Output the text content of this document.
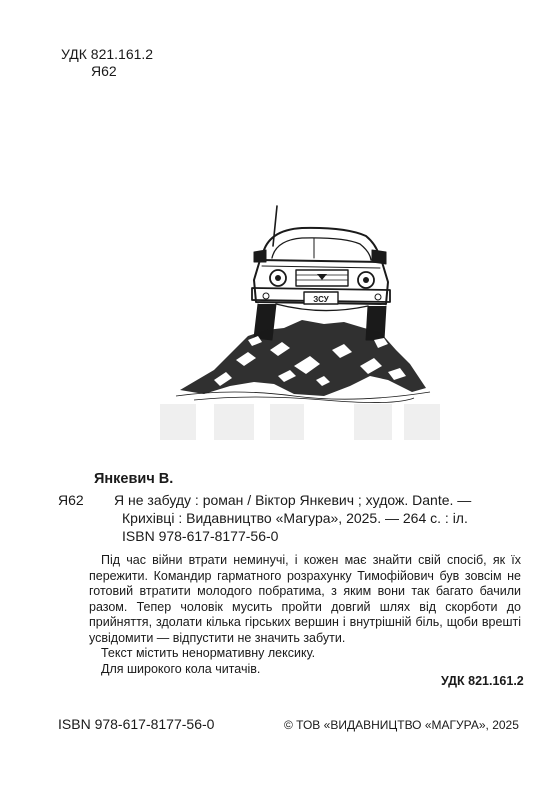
УДК 821.161.2
Я62
ЗСУ
Янкевич В.
Я62 Я не забуду : роман / Віктор Янкевич ; худож. Dante. —
Крихівці : Видавництво «Магура», 2025. — 264 с. : іл.
ISBN 978-617-8177-56-0

Під час війни втрати неминучі, і кожен має знайти свій спосіб, як їх пережити. Командир гарматного розрахунку Тимофійович був зовсім не готовий втратити молодого побратима, з яким вони так багато бачили разом. Тепер чоловік мусить пройти довгий шлях від скорботи до прийняття, здолати кілька гірських вершин і внутрішній біль, щоби врешті усвідомити — відпустити не значить забути.

Текст містить ненормативну лексику.

Для широкого кола читачів.

УДК 821.161.2
ISBN 978-617-8177-56-0	© ТОВ «ВИДАВНИЦТВО «МАГУРА», 2025
